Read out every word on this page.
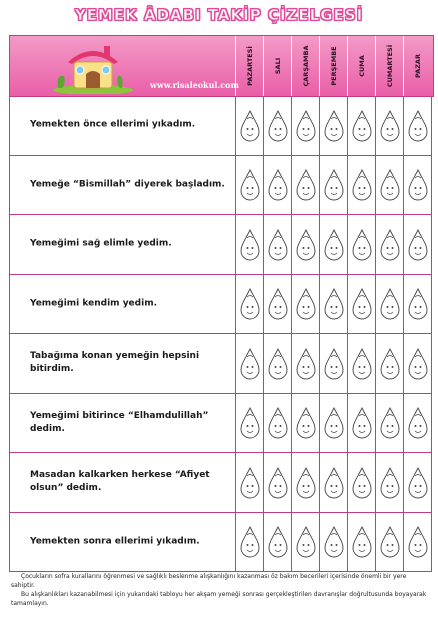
YEMEK ÂDABI TAKİP ÇİZELGESİ
www.risaleokul.com PAZARTESİ	SALI	ÇARŞAMBA	PERŞEMBE	CUMA	CUMARTESİ	PAZAR
Yemekten önce ellerimi yıkadım.
Yemeğe “Bismillah” diyerek başladım.
Yemeğimi sağ elimle yedim.
Yemeğimi kendim yedim.
Tabağıma konan yemeğin hepsini bitirdim.
Yemeğimi bitirince “Elhamdulillah” dedim.
Masadan kalkarken herkese “Afiyet olsun” dedim.
Yemekten sonra ellerimi yıkadım.

Çocukların sofra kurallarını öğrenmesi ve sağlıklı beslenme alışkanlığını kazanması öz bakım becerileri içerisinde önemli bir yere sahiptir.

Bu alışkanlıkları kazanabilmesi için yukarıdaki tabloyu her akşam yemeği sonrası gerçekleştirilen davranışlar doğrultusunda boyayarak tamamlayın.
